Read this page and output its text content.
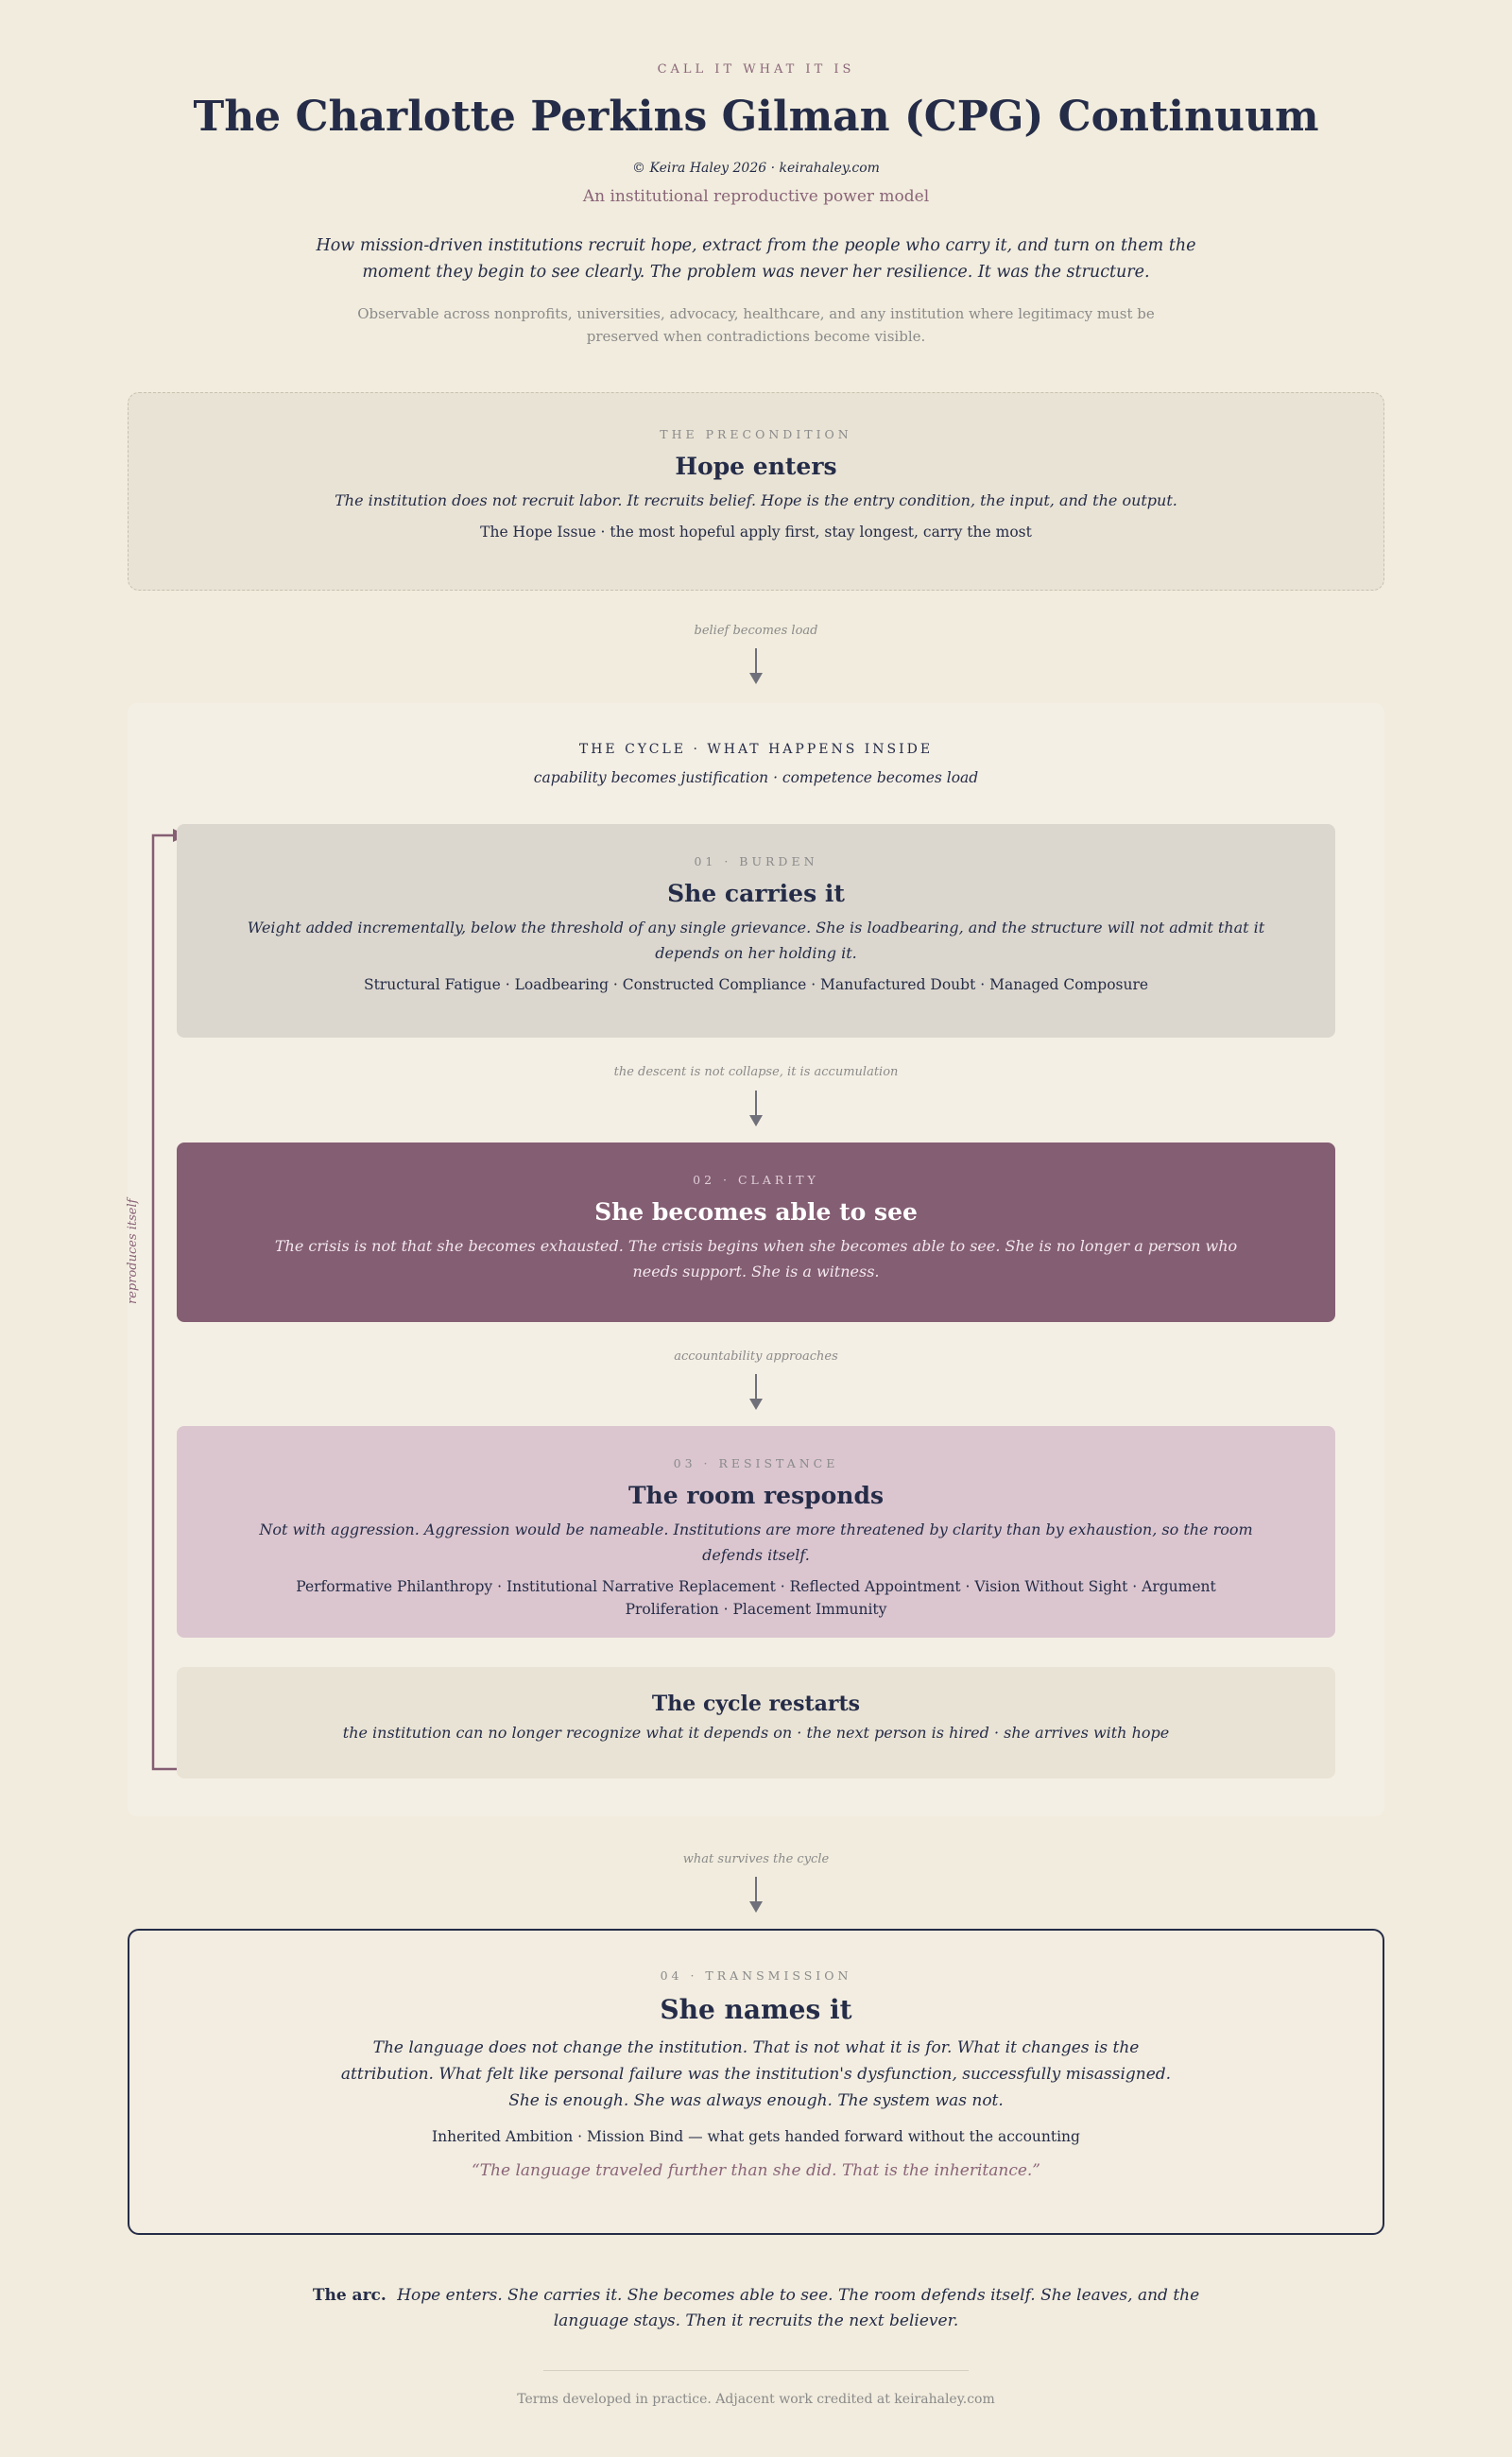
CALL IT WHAT IT IS
The Charlotte Perkins Gilman (CPG) Continuum
© Keira Haley 2026 · keirahaley.com
An institutional reproductive power model
How mission-driven institutions recruit hope, extract from the people who carry it, and turn on them the moment they begin to see clearly. The problem was never her resilience. It was the structure.
Observable across nonprofits, universities, advocacy, healthcare, and any institution where legitimacy must be preserved when contradictions become visible.
THE PRECONDITION
Hope enters
The institution does not recruit labor. It recruits belief. Hope is the entry condition, the input, and the output.
The Hope Issue · the most hopeful apply first, stay longest, carry the most
belief becomes load
THE CYCLE · WHAT HAPPENS INSIDE
capability becomes justification · competence becomes load
reproduces itself
01 · BURDEN
She carries it
Weight added incrementally, below the threshold of any single grievance. She is loadbearing, and the structure will not admit that it depends on her holding it.
Structural Fatigue · Loadbearing · Constructed Compliance · Manufactured Doubt · Managed Composure
the descent is not collapse, it is accumulation
02 · CLARITY
She becomes able to see
The crisis is not that she becomes exhausted. The crisis begins when she becomes able to see. She is no longer a person who needs support. She is a witness.
accountability approaches
03 · RESISTANCE
The room responds
Not with aggression. Aggression would be nameable. Institutions are more threatened by clarity than by exhaustion, so the room defends itself.
Performative Philanthropy · Institutional Narrative Replacement · Reflected Appointment · Vision Without Sight · Argument Proliferation · Placement Immunity
The cycle restarts
the institution can no longer recognize what it depends on · the next person is hired · she arrives with hope
what survives the cycle
04 · TRANSMISSION
She names it
The language does not change the institution. That is not what it is for. What it changes is the attribution. What felt like personal failure was the institution's dysfunction, successfully misassigned. She is enough. She was always enough. The system was not.
Inherited Ambition · Mission Bind — what gets handed forward without the accounting
“The language traveled further than she did. That is the inheritance.”
The arc. Hope enters. She carries it. She becomes able to see. The room defends itself. She leaves, and the language stays. Then it recruits the next believer.
Terms developed in practice. Adjacent work credited at keirahaley.com
